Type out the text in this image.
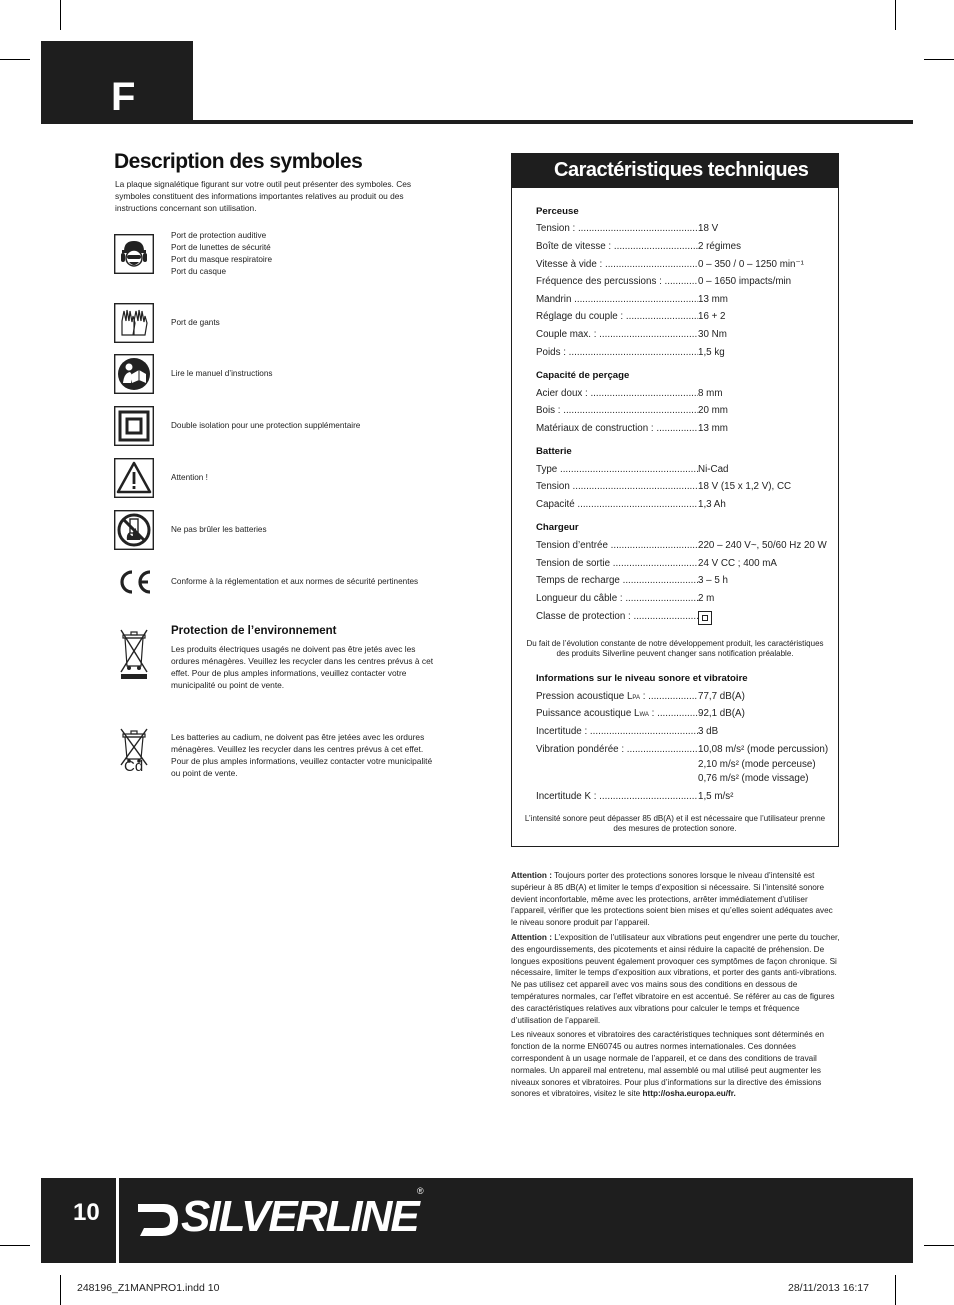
F
Description des symboles

La plaque signalétique figurant sur votre outil peut présenter des symboles. Ces symboles constituent des informations importantes relatives au produit ou des instructions concernant son utilisation.

Port de protection auditive
Port de lunettes de sécurité
Port du masque respiratoire
Port du casque
Port de gants
Lire le manuel d’instructions
Double isolation pour une protection supplémentaire
Attention !
Ne pas brûler les batteries
Conforme à la réglementation et aux normes de sécurité pertinentes
Protection de l’environnement

Les produits électriques usagés ne doivent pas être jetés avec les ordures ménagères. Veuillez les recycler dans les centres prévus à cet effet. Pour de plus amples informations, veuillez contacter votre municipalité ou point de vente.

Cd

Les batteries au cadium, ne doivent pas être jetées avec les ordures ménagères. Veuillez les recycler dans les centres prévus à cet effet. Pour de plus amples informations, veuillez contacter votre municipalité ou point de vente.

Caractéristiques techniques
Perceuse
Tension : .....	18 V
Boîte de vitesse : .....	2 régimes
Vitesse à vide : .....	0 – 350 / 0 – 1250 min⁻¹
Fréquence des percussions : .....	0 – 1650 impacts/min
Mandrin .....	13 mm
Réglage du couple : .....	16 + 2
Couple max. : .....	30 Nm
Poids : .....	1,5 kg
Capacité de perçage
Acier doux : .....	8 mm
Bois : .....	20 mm
Matériaux de construction : .....	13 mm
Batterie
Type .....	Ni-Cad
Tension .....	18 V (15 x 1,2 V), CC
Capacité .....	1,3 Ah
Chargeur
Tension d’entrée .....	220 – 240 V~, 50/60 Hz 20 W
Tension de sortie .....	24 V CC ; 400 mA
Temps de recharge .....	3 – 5 h
Longueur du câble : .....	2 m
Classe de protection : .....
Du fait de l’évolution constante de notre développement produit, les caractéristiques des produits Silverline peuvent changer sans notification préalable.
Informations sur le niveau sonore et vibratoire
Pression acoustique LPA : .....	77,7 dB(A)
Puissance acoustique LWA : .....	92,1 dB(A)
Incertitude : .....	3 dB
Vibration pondérée : .....	10,08 m/s² (mode percussion)
2,10 m/s² (mode perceuse)
0,76 m/s² (mode vissage)
Incertitude K : .....	1,5 m/s²
L’intensité sonore peut dépasser 85 dB(A) et il est nécessaire que l’utilisateur prenne des mesures de protection sonore.

Attention : Toujours porter des protections sonores lorsque le niveau d’intensité est supérieur à 85 dB(A) et limiter le temps d’exposition si nécessaire. Si l’intensité sonore devient inconfortable, même avec les protections, arrêter immédiatement d’utiliser l’appareil, vérifier que les protections soient bien mises et qu’elles soient adéquates avec le niveau sonore produit par l’appareil.

Attention : L’exposition de l’utilisateur aux vibrations peut engendrer une perte du toucher, des engourdissements, des picotements et ainsi réduire la capacité de préhension. De longues expositions peuvent également provoquer ces symptômes de façon chronique. Si nécessaire, limiter le temps d’exposition aux vibrations, et porter des gants anti-vibrations. Ne pas utilisez cet appareil avec vos mains sous des conditions en dessous de températures normales, car l’effet vibratoire en est accentué. Se référer au cas de figures des caractéristiques relatives aux vibrations pour calculer le temps et fréquence d’utilisation de l’appareil.

Les niveaux sonores et vibratoires des caractéristiques techniques sont déterminés en fonction de la norme EN60745 ou autres normes internationales. Ces données correspondent à un usage normale de l’appareil, et ce dans des conditions de travail normales. Un appareil mal entretenu, mal assemblé ou mal utilisé peut augmenter les niveaux sonores et vibratoires. Pour plus d’informations sur la directive des émissions sonores et vibratoires, visitez le site http://osha.europa.eu/fr.

10 SILVERLINE
®
248196_Z1MANPRO1.indd 10	28/11/2013 16:17
